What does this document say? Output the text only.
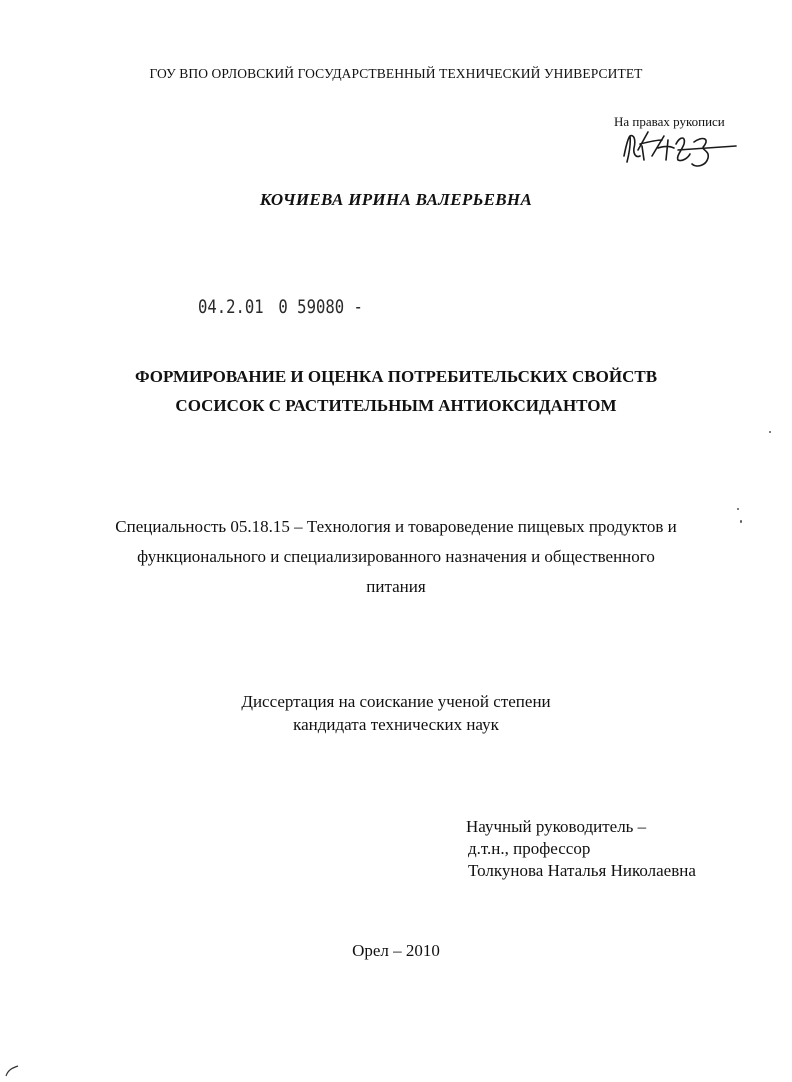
ГОУ ВПО ОРЛОВСКИЙ ГОСУДАРСТВЕННЫЙ ТЕХНИЧЕСКИЙ УНИВЕРСИТЕТ
На правах рукописи
КОЧИЕВА ИРИНА ВАЛЕРЬЕВНА
04.2.01 0 59080 -
ФОРМИРОВАНИЕ И ОЦЕНКА ПОТРЕБИТЕЛЬСКИХ СВОЙСТВ
СОСИСОК С РАСТИТЕЛЬНЫМ АНТИОКСИДАНТОМ
Специальность 05.18.15 – Технология и товароведение пищевых продуктов и
функционального и специализированного назначения и общественного
питания
Диссертация на соискание ученой степени
кандидата технических наук
Научный руководитель –
д.т.н., профессор
Толкунова Наталья Николаевна
Орел – 2010
